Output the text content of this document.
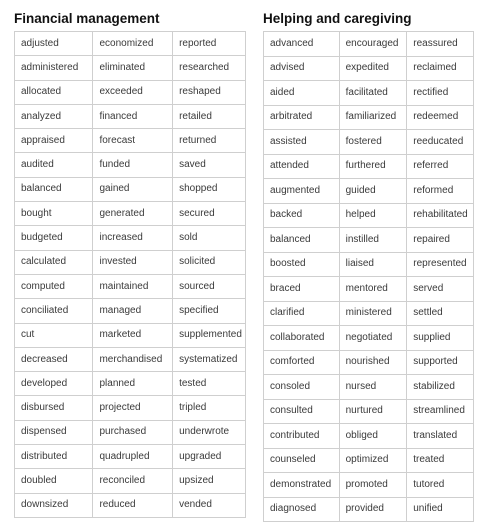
Financial management
adjusted	economized	reported
administered	eliminated	researched
allocated	exceeded	reshaped
analyzed	financed	retailed
appraised	forecast	returned
audited	funded	saved
balanced	gained	shopped
bought	generated	secured
budgeted	increased	sold
calculated	invested	solicited
computed	maintained	sourced
conciliated	managed	specified
cut	marketed	supplemented
decreased	merchandised	systematized
developed	planned	tested
disbursed	projected	tripled
dispensed	purchased	underwrote
distributed	quadrupled	upgraded
doubled	reconciled	upsized
downsized	reduced	vended
Helping and caregiving
advanced	encouraged	reassured
advised	expedited	reclaimed
aided	facilitated	rectified
arbitrated	familiarized	redeemed
assisted	fostered	reeducated
attended	furthered	referred
augmented	guided	reformed
backed	helped	rehabilitated
balanced	instilled	repaired
boosted	liaised	represented
braced	mentored	served
clarified	ministered	settled
collaborated	negotiated	supplied
comforted	nourished	supported
consoled	nursed	stabilized
consulted	nurtured	streamlined
contributed	obliged	translated
counseled	optimized	treated
demonstrated	promoted	tutored
diagnosed	provided	unified
